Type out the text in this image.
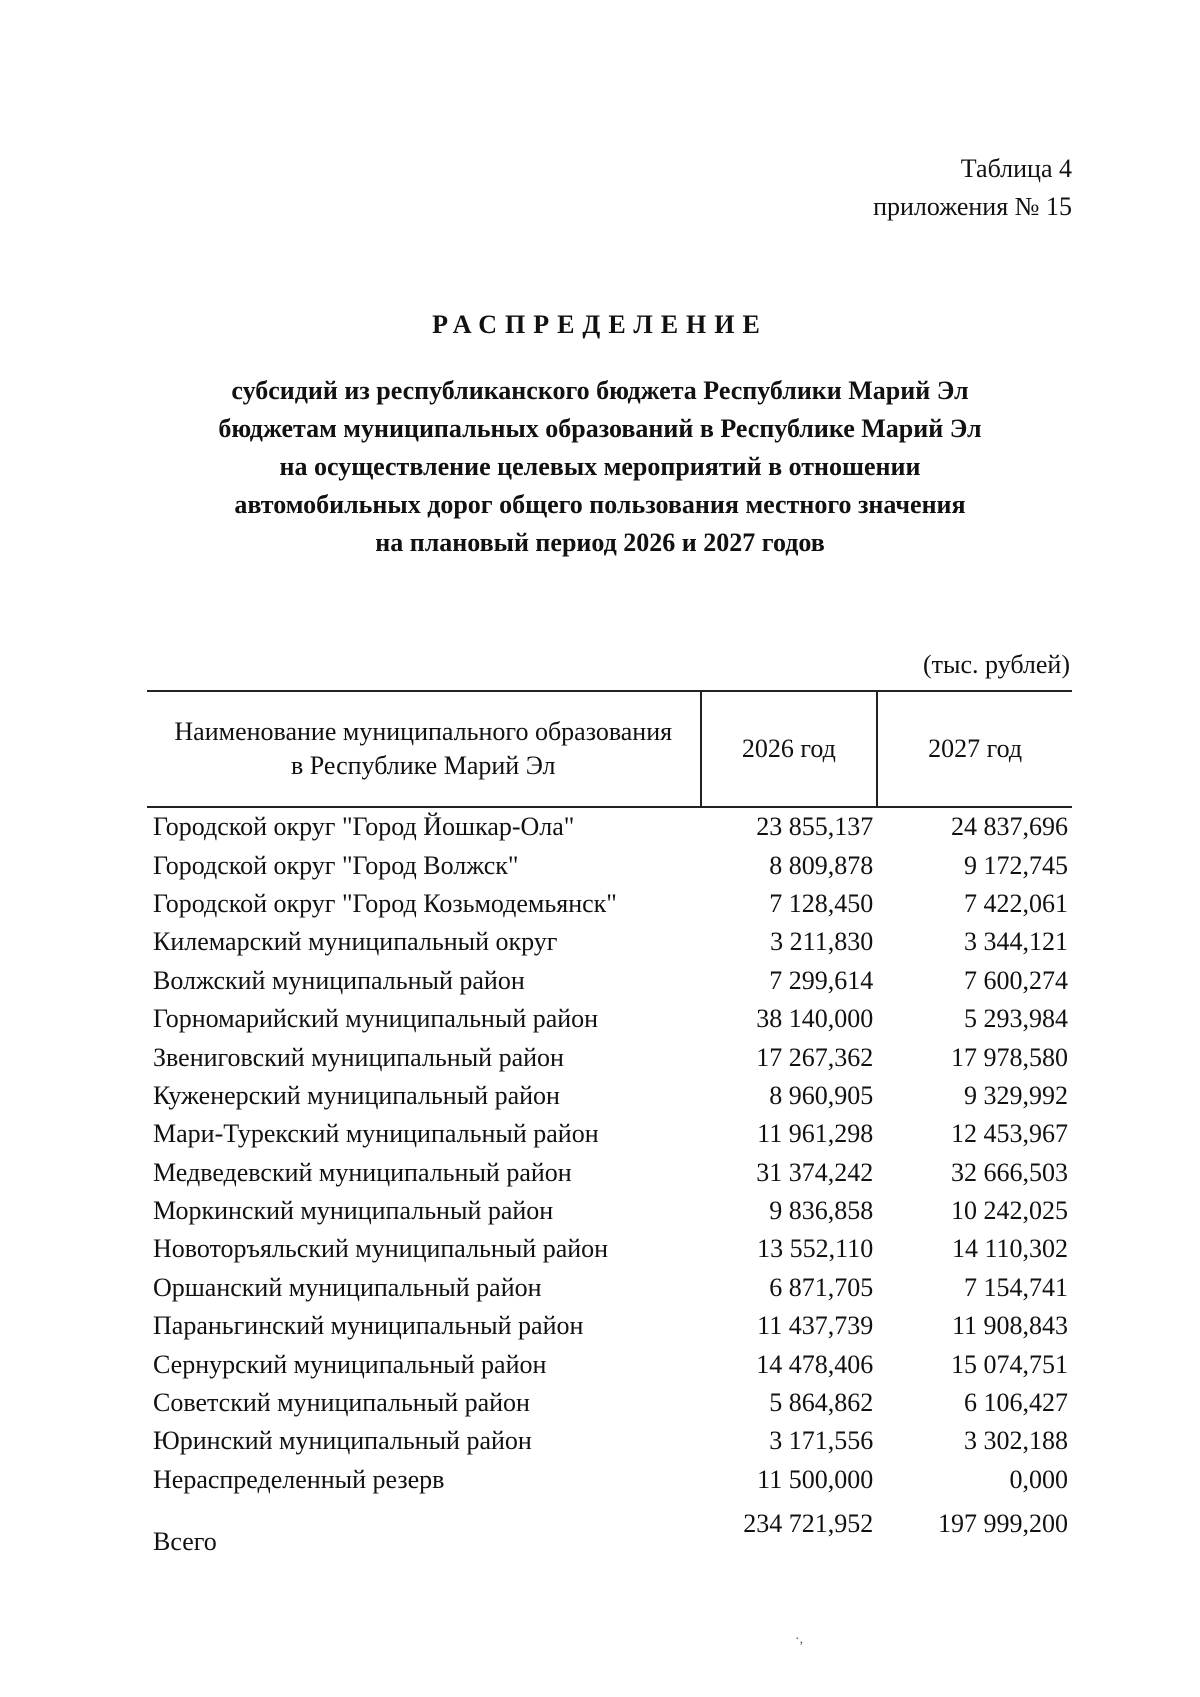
Таблица 4
приложения № 15
РАСПРЕДЕЛЕНИЕ
субсидий из республиканского бюджета Республики Марий Эл
бюджетам муниципальных образований в Республике Марий Эл
на осуществление целевых мероприятий в отношении
автомобильных дорог общего пользования местного значения
на плановый период 2026 и 2027 годов
(тыс. рублей)
Наименование муниципального образования
в Республике Марий Эл	2026 год	2027 год
Городской округ "Город Йошкар-Ола"	23 855,137	24 837,696
Городской округ "Город Волжск"	8 809,878	9 172,745
Городской округ "Город Козьмодемьянск"	7 128,450	7 422,061
Килемарский муниципальный округ	3 211,830	3 344,121
Волжский муниципальный район	7 299,614	7 600,274
Горномарийский муниципальный район	38 140,000	5 293,984
Звениговский муниципальный район	17 267,362	17 978,580
Куженерский муниципальный район	8 960,905	9 329,992
Мари-Турекский муниципальный район	11 961,298	12 453,967
Медведевский муниципальный район	31 374,242	32 666,503
Моркинский муниципальный район	9 836,858	10 242,025
Новоторъяльский муниципальный район	13 552,110	14 110,302
Оршанский муниципальный район	6 871,705	7 154,741
Параньгинский муниципальный район	11 437,739	11 908,843
Сернурский муниципальный район	14 478,406	15 074,751
Советский муниципальный район	5 864,862	6 106,427
Юринский муниципальный район	3 171,556	3 302,188
Нераспределенный резерв	11 500,000	0,000
Всего	234 721,952	197 999,200
·,
